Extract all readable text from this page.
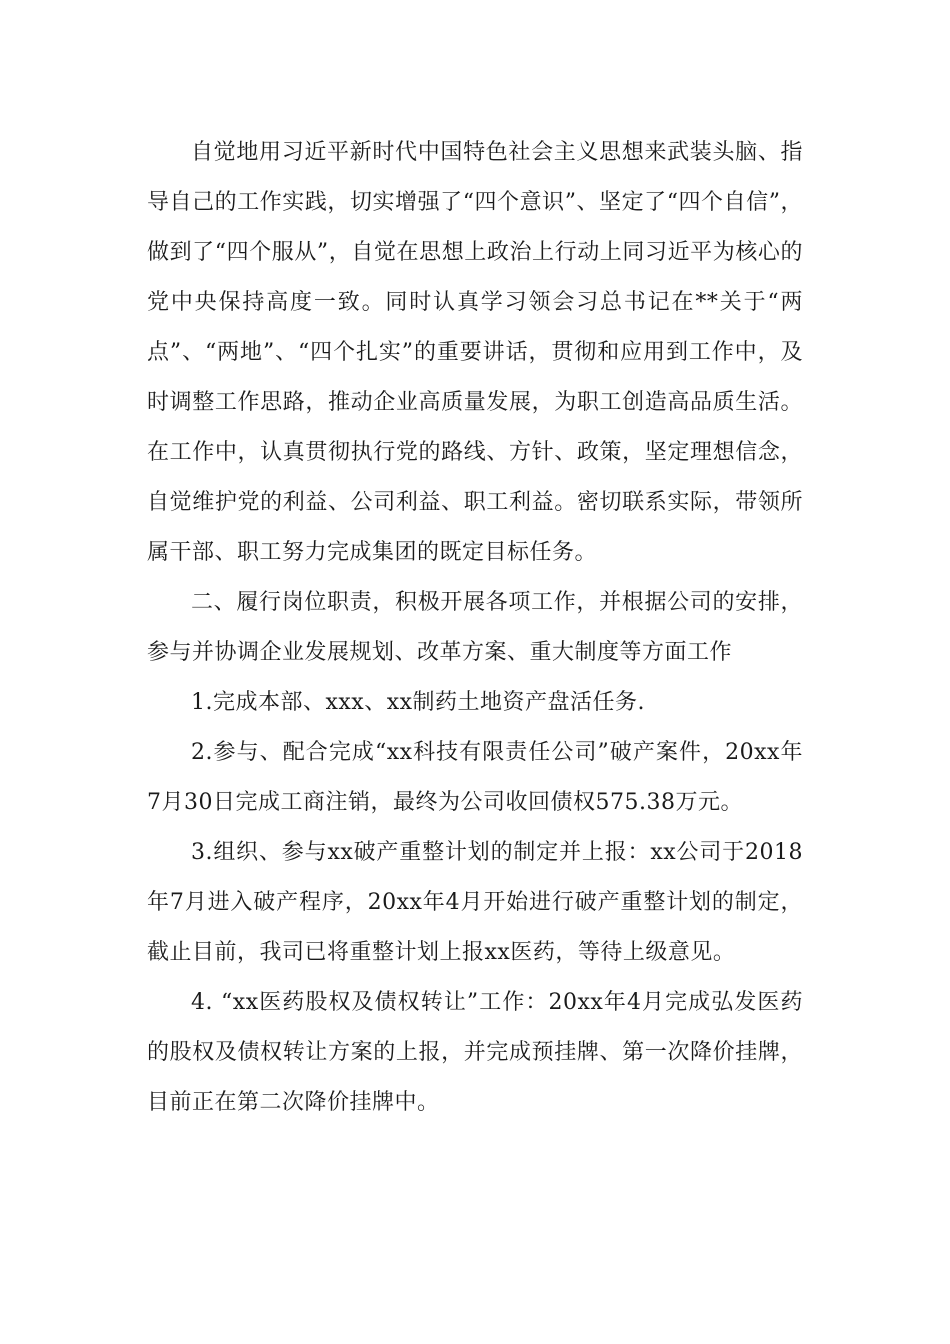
自觉地用习近平新时代中国特色社会主义思想来武装头脑、指导自己的工作实践，切实增强了“四个意识”、坚定了“四个自信”，做到了“四个服从”，自觉在思想上政治上行动上同习近平为核心的党中央保持高度一致。同时认真学习领会习总书记在**关于“两点”、“两地”、“四个扎实”的重要讲话，贯彻和应用到工作中，及时调整工作思路，推动企业高质量发展，为职工创造高品质生活。在工作中，认真贯彻执行党的路线、方针、政策，坚定理想信念，自觉维护党的利益、公司利益、职工利益。密切联系实际，带领所属干部、职工努力完成集团的既定目标任务。

二、履行岗位职责，积极开展各项工作，并根据公司的安排，参与并协调企业发展规划、改革方案、重大制度等方面工作

1.完成本部、xxx、xx制药土地资产盘活任务.

2.参与、配合完成“xx科技有限责任公司”破产案件，20xx年7月30日完成工商注销，最终为公司收回债权575.38万元。

3.组织、参与xx破产重整计划的制定并上报：xx公司于2018年7月进入破产程序，20xx年4月开始进行破产重整计划的制定，截止目前，我司已将重整计划上报xx医药，等待上级意见。

4. “xx医药股权及债权转让”工作：20xx年4月完成弘发医药的股权及债权转让方案的上报，并完成预挂牌、第一次降价挂牌，目前正在第二次降价挂牌中。
